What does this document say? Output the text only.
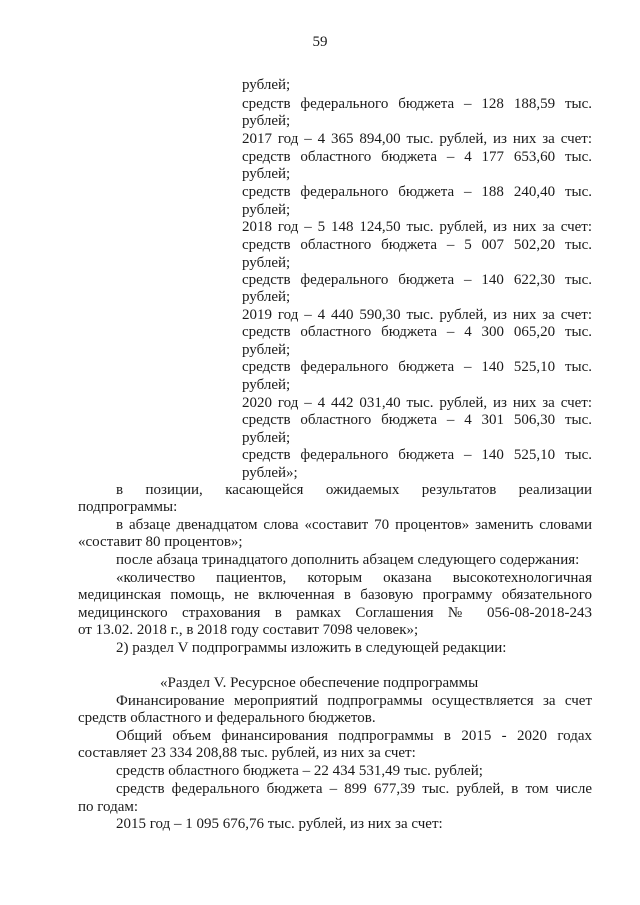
59
рублей;
средств федерального бюджета – 128 188,59 тыс.
рублей;
2017 год – 4 365 894,00 тыс. рублей, из них за счет:
средств областного бюджета – 4 177 653,60 тыс.
рублей;
средств федерального бюджета – 188 240,40 тыс.
рублей;
2018 год – 5 148 124,50 тыс. рублей, из них за счет:
средств областного бюджета – 5 007 502,20 тыс.
рублей;
средств федерального бюджета – 140 622,30 тыс.
рублей;
2019 год – 4 440 590,30 тыс. рублей, из них за счет:
средств областного бюджета – 4 300 065,20 тыс.
рублей;
средств федерального бюджета – 140 525,10 тыс.
рублей;
2020 год – 4 442 031,40 тыс. рублей, из них за счет:
средств областного бюджета – 4 301 506,30 тыс.
рублей;
средств федерального бюджета – 140 525,10 тыс.
рублей»;
в позиции, касающейся ожидаемых результатов реализации
подпрограммы:
в абзаце двенадцатом слова «составит 70 процентов» заменить словами
«составит 80 процентов»;
после абзаца тринадцатого дополнить абзацем следующего содержания:
«количество пациентов, которым оказана высокотехнологичная
медицинская помощь, не включенная в базовую программу обязательного
медицинского страхования в рамках Соглашения № 056-08-2018-243
от 13.02. 2018 г., в 2018 году составит 7098 человек»;
2) раздел V подпрограммы изложить в следующей редакции:
«Раздел V. Ресурсное обеспечение подпрограммы
Финансирование мероприятий подпрограммы осуществляется за счет
средств областного и федерального бюджетов.
Общий объем финансирования подпрограммы в 2015 - 2020 годах
составляет 23 334 208,88 тыс. рублей, из них за счет:
средств областного бюджета – 22 434 531,49 тыс. рублей;
средств федерального бюджета – 899 677,39 тыс. рублей, в том числе
по годам:
2015 год – 1 095 676,76 тыс. рублей, из них за счет:
